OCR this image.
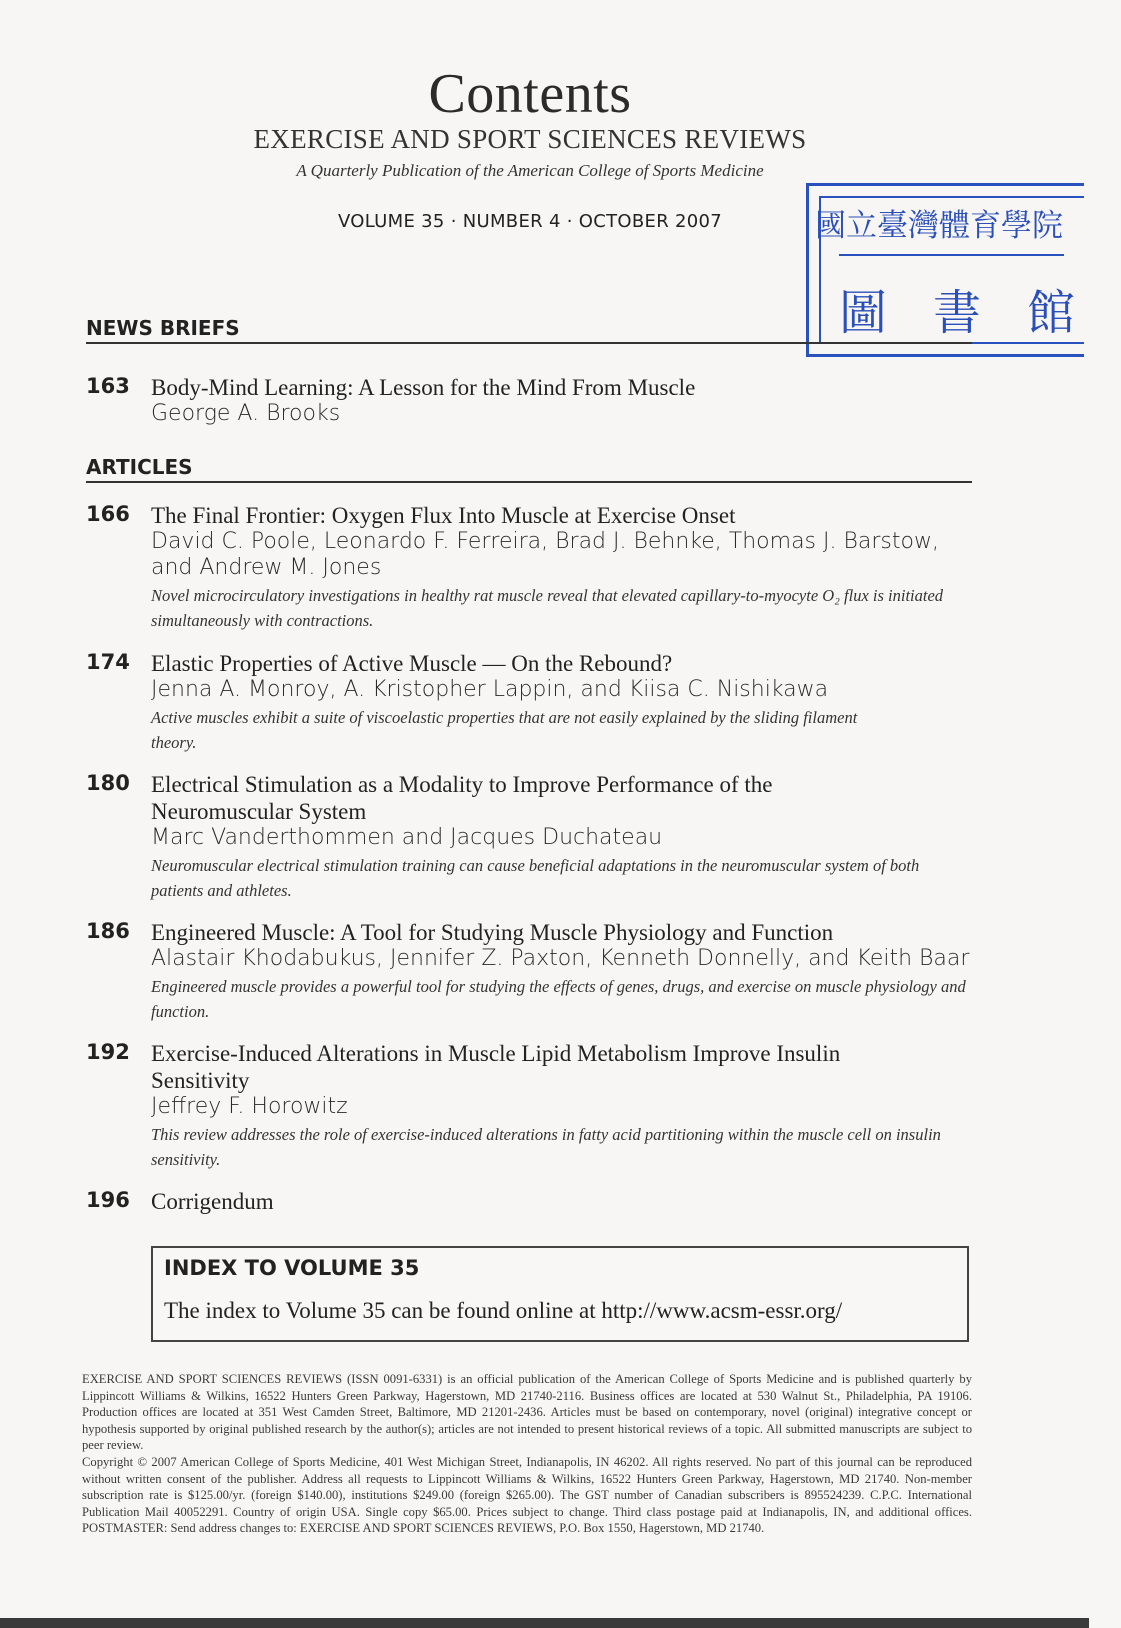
Contents
EXERCISE AND SPORT SCIENCES REVIEWS
A Quarterly Publication of the American College of Sports Medicine
VOLUME 35 · NUMBER 4 · OCTOBER 2007	國立臺灣體育學院
圖書館
NEWS BRIEFS
163 Body-Mind Learning: A Lesson for the Mind From Muscle
George A. Brooks
ARTICLES
166 The Final Frontier: Oxygen Flux Into Muscle at Exercise Onset
David C. Poole, Leonardo F. Ferreira, Brad J. Behnke, Thomas J. Barstow, and Andrew M. Jones
Novel microcirculatory investigations in healthy rat muscle reveal that elevated capillary-to-myocyte O₂ flux is initiated simultaneously with contractions.
174 Elastic Properties of Active Muscle — On the Rebound?
Jenna A. Monroy, A. Kristopher Lappin, and Kiisa C. Nishikawa
Active muscles exhibit a suite of viscoelastic properties that are not easily explained by the sliding filament theory.
180 Electrical Stimulation as a Modality to Improve Performance of the Neuromuscular System
Marc Vanderthommen and Jacques Duchateau
Neuromuscular electrical stimulation training can cause beneficial adaptations in the neuromuscular system of both patients and athletes.
186 Engineered Muscle: A Tool for Studying Muscle Physiology and Function
Alastair Khodabukus, Jennifer Z. Paxton, Kenneth Donnelly, and Keith Baar
Engineered muscle provides a powerful tool for studying the effects of genes, drugs, and exercise on muscle physiology and function.
192 Exercise-Induced Alterations in Muscle Lipid Metabolism Improve Insulin Sensitivity
Jeffrey F. Horowitz
This review addresses the role of exercise-induced alterations in fatty acid partitioning within the muscle cell on insulin sensitivity.
196 Corrigendum
INDEX TO VOLUME 35
The index to Volume 35 can be found online at http://www.acsm-essr.org/

EXERCISE AND SPORT SCIENCES REVIEWS (ISSN 0091-6331) is an official publication of the American College of Sports Medicine and is published quarterly by Lippincott Williams & Wilkins, 16522 Hunters Green Parkway, Hagerstown, MD 21740-2116. Business offices are located at 530 Walnut St., Philadelphia, PA 19106. Production offices are located at 351 West Camden Street, Baltimore, MD 21201-2436. Articles must be based on contemporary, novel (original) integrative concept or hypothesis supported by original published research by the author(s); articles are not intended to present historical reviews of a topic. All submitted manuscripts are subject to peer review.

Copyright © 2007 American College of Sports Medicine, 401 West Michigan Street, Indianapolis, IN 46202. All rights reserved. No part of this journal can be reproduced without written consent of the publisher. Address all requests to Lippincott Williams & Wilkins, 16522 Hunters Green Parkway, Hagerstown, MD 21740. Non-member subscription rate is $125.00/yr. (foreign $140.00), institutions $249.00 (foreign $265.00). The GST number of Canadian subscribers is 895524239. C.P.C. International Publication Mail 40052291. Country of origin USA. Single copy $65.00. Prices subject to change. Third class postage paid at Indianapolis, IN, and additional offices. POSTMASTER: Send address changes to: EXERCISE AND SPORT SCIENCES REVIEWS, P.O. Box 1550, Hagerstown, MD 21740.
